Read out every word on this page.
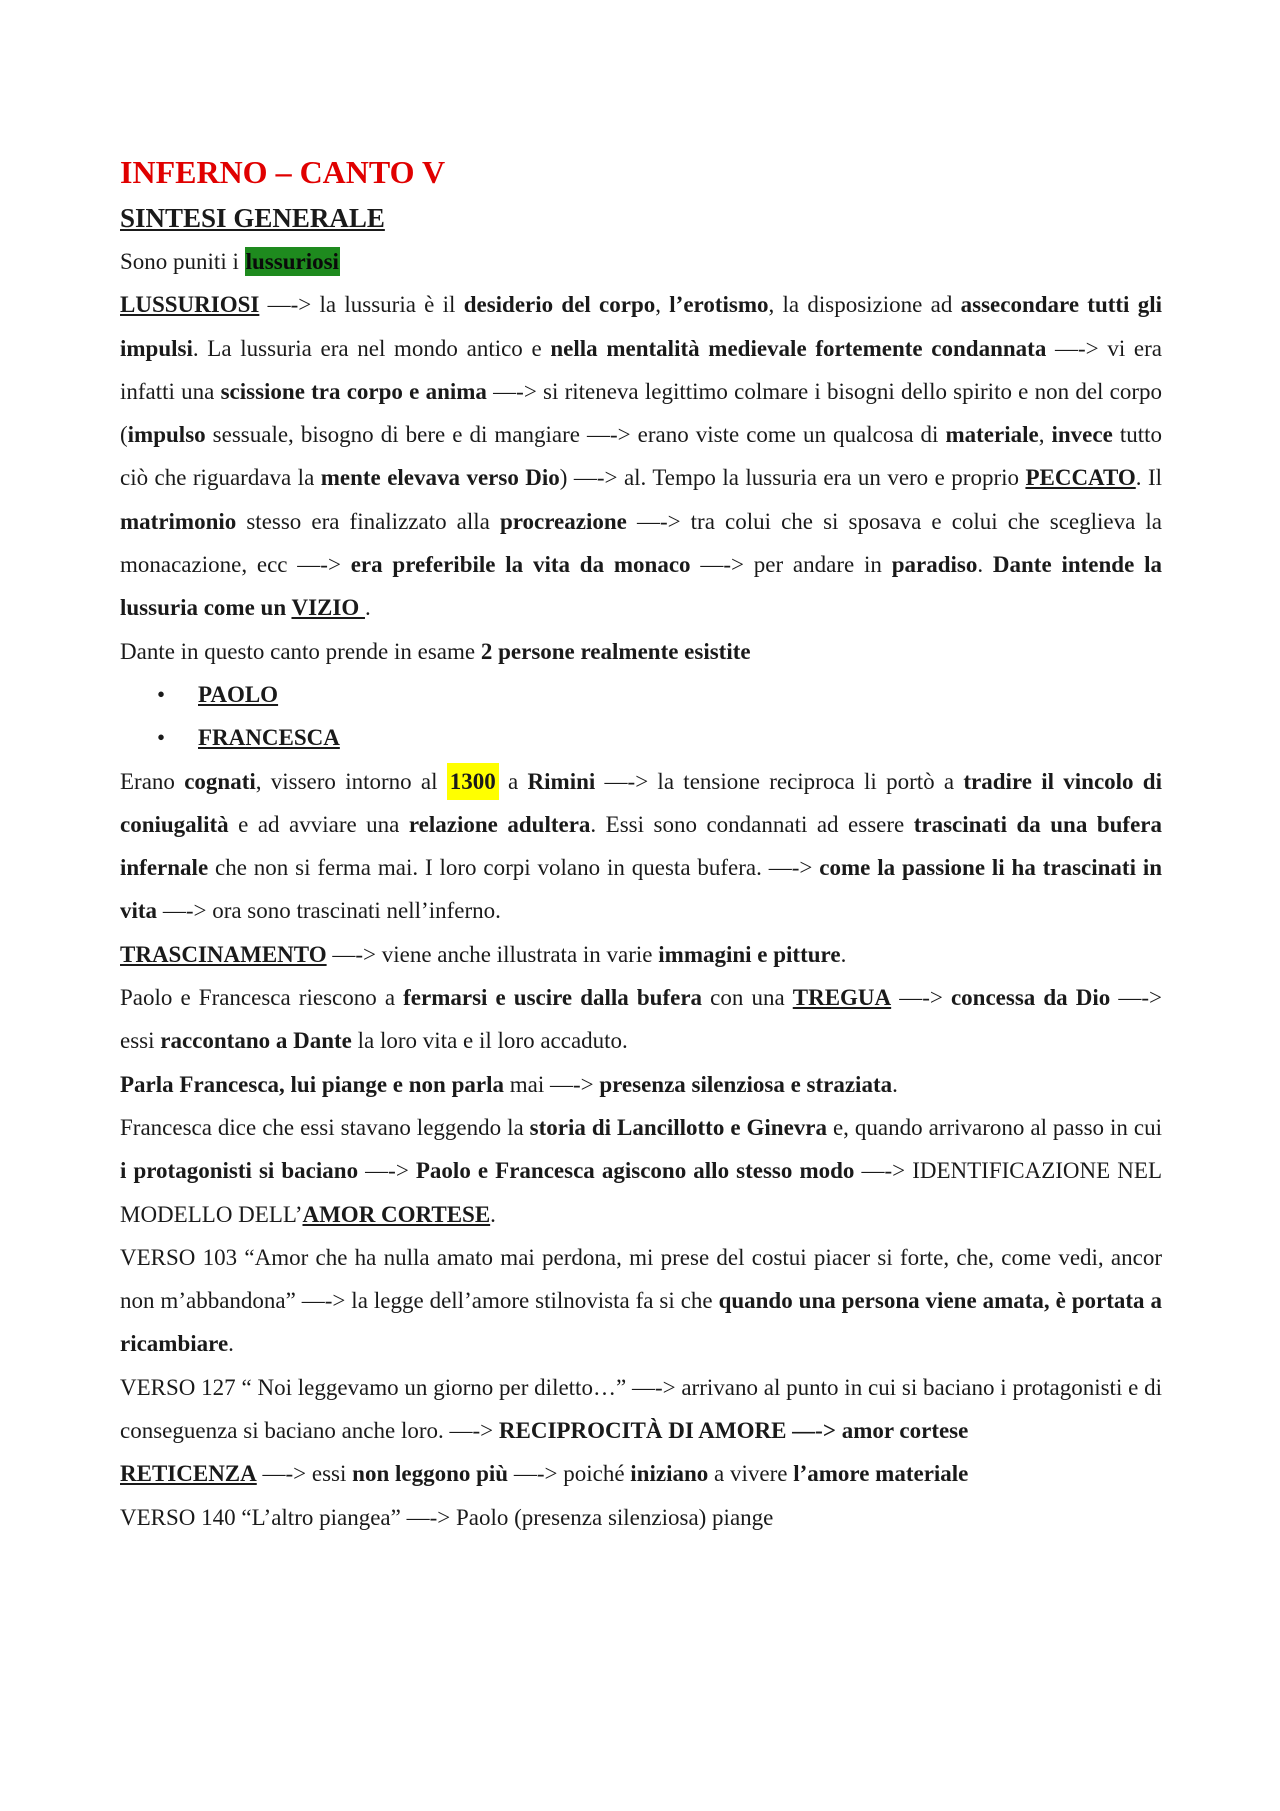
INFERNO – CANTO V
SINTESI GENERALE

Sono puniti i lussuriosi

LUSSURIOSI —-> la lussuria è il desiderio del corpo, l’erotismo, la disposizione ad assecondare tutti gli impulsi. La lussuria era nel mondo antico e nella mentalità medievale fortemente condannata —-> vi era infatti una scissione tra corpo e anima —-> si riteneva legittimo colmare i bisogni dello spirito e non del corpo (impulso sessuale, bisogno di bere e di mangiare —-> erano viste come un qualcosa di materiale, invece tutto ciò che riguardava la mente elevava verso Dio) —-> al. Tempo la lussuria era un vero e proprio PECCATO. Il matrimonio stesso era finalizzato alla procreazione —-> tra colui che si sposava e colui che sceglieva la monacazione, ecc —-> era preferibile la vita da monaco —-> per andare in paradiso. Dante intende la lussuria come un VIZIO .

Dante in questo canto prende in esame 2 persone realmente esistite

• PAOLO
• FRANCESCA

Erano cognati, vissero intorno al 1300 a Rimini —-> la tensione reciproca li portò a tradire il vincolo di coniugalità e ad avviare una relazione adultera. Essi sono condannati ad essere trascinati da una bufera infernale che non si ferma mai. I loro corpi volano in questa bufera. —-> come la passione li ha trascinati in vita —-> ora sono trascinati nell’inferno.

TRASCINAMENTO —-> viene anche illustrata in varie immagini e pitture.

Paolo e Francesca riescono a fermarsi e uscire dalla bufera con una TREGUA —-> concessa da Dio —-> essi raccontano a Dante la loro vita e il loro accaduto.

Parla Francesca, lui piange e non parla mai —-> presenza silenziosa e straziata.

Francesca dice che essi stavano leggendo la storia di Lancillotto e Ginevra e, quando arrivarono al passo in cui i protagonisti si baciano —-> Paolo e Francesca agiscono allo stesso modo —-> IDENTIFICAZIONE NEL MODELLO DELL’AMOR CORTESE.

VERSO 103 “Amor che ha nulla amato mai perdona, mi prese del costui piacer si forte, che, come vedi, ancor non m’abbandona” —-> la legge dell’amore stilnovista fa si che quando una persona viene amata, è portata a ricambiare.

VERSO 127 “ Noi leggevamo un giorno per diletto…” —-> arrivano al punto in cui si baciano i protagonisti e di conseguenza si baciano anche loro. —-> RECIPROCITÀ DI AMORE —-> amor cortese

RETICENZA —-> essi non leggono più —-> poiché iniziano a vivere l’amore materiale

VERSO 140 “L’altro piangea” —-> Paolo (presenza silenziosa) piange
